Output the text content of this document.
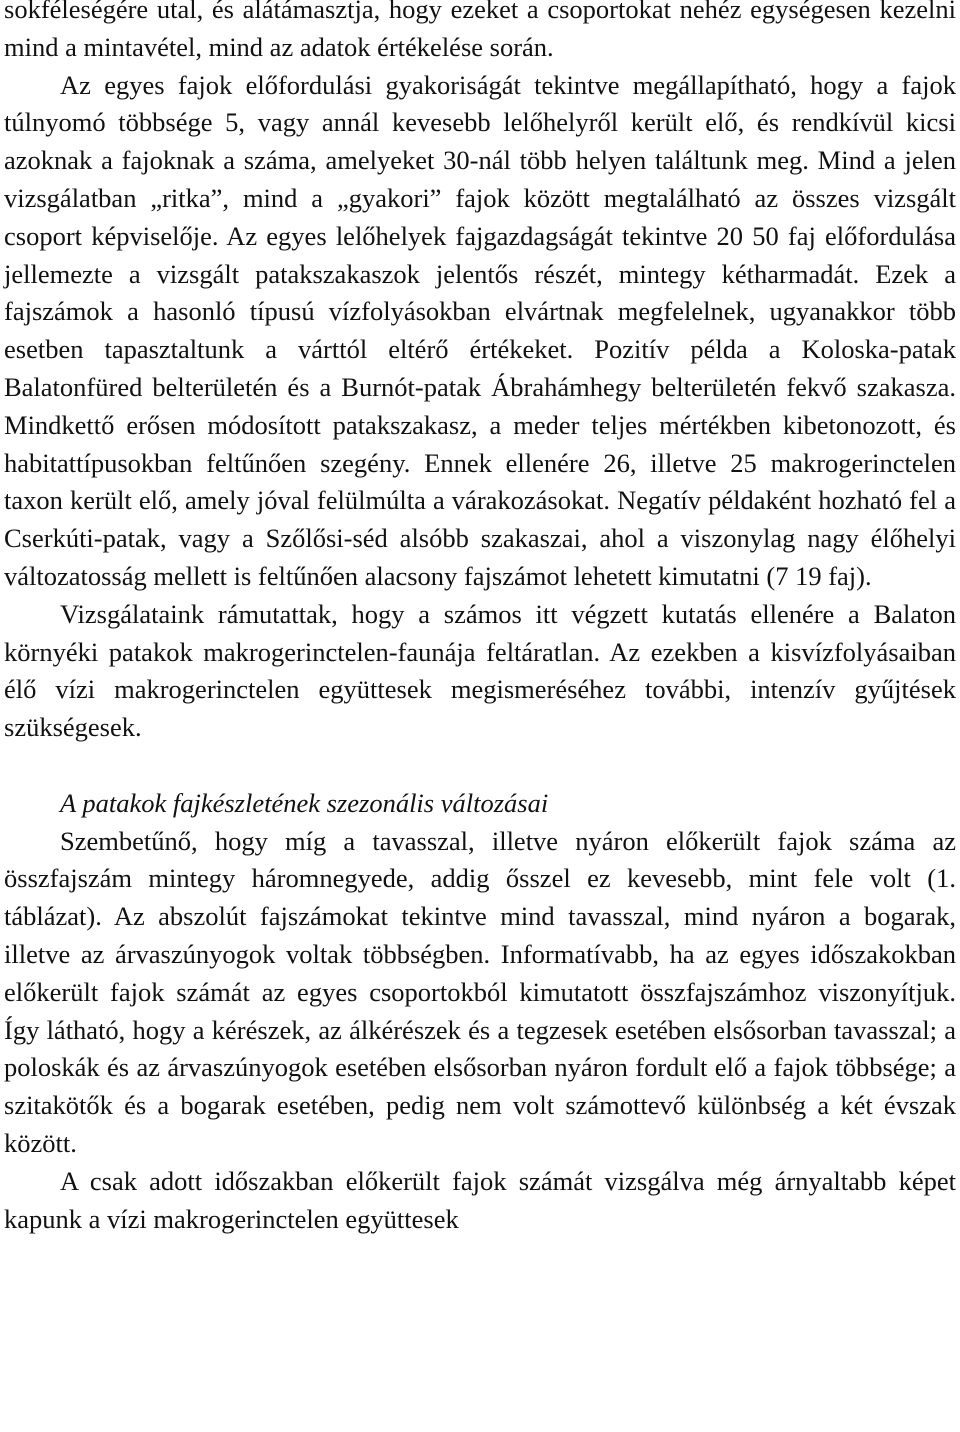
sokféleségére utal, és alátámasztja, hogy ezeket a csoportokat nehéz egységesen kezelni mind a mintavétel, mind az adatok értékelése során.

Az egyes fajok előfordulási gyakoriságát tekintve megállapítható, hogy a fajok túlnyomó többsége 5, vagy annál kevesebb lelőhelyről került elő, és rendkívül kicsi azoknak a fajoknak a száma, amelyeket 30-nál több helyen találtunk meg. Mind a jelen vizsgálatban „ritka”, mind a „gyakori” fajok között megtalálható az összes vizsgált csoport képviselője. Az egyes lelőhelyek fajgazdagságát tekintve 20 50 faj előfordulása jellemezte a vizsgált patakszakaszok jelentős részét, mintegy kétharmadát. Ezek a fajszámok a hasonló típusú vízfolyásokban elvártnak megfelelnek, ugyanakkor több esetben tapasztaltunk a várttól eltérő értékeket. Pozitív példa a Koloska-patak Balatonfüred belterületén és a Burnót-patak Ábrahámhegy belterületén fekvő szakasza. Mindkettő erősen módosított patakszakasz, a meder teljes mértékben kibetonozott, és habitattípusokban feltűnően szegény. Ennek ellenére 26, illetve 25 makrogerinctelen taxon került elő, amely jóval felülmúlta a várakozásokat. Negatív példaként hozható fel a Cserkúti-patak, vagy a Szőlősi-séd alsóbb szakaszai, ahol a viszonylag nagy élőhelyi változatosság mellett is feltűnően alacsony fajszámot lehetett kimutatni (7 19 faj).

Vizsgálataink rámutattak, hogy a számos itt végzett kutatás ellenére a Balaton környéki patakok makrogerinctelen-faunája feltáratlan. Az ezekben a kisvízfolyásaiban élő vízi makrogerinctelen együttesek megismeréséhez további, intenzív gyűjtések szükségesek.

A patakok fajkészletének szezonális változásai

Szembetűnő, hogy míg a tavasszal, illetve nyáron előkerült fajok száma az összfajszám mintegy háromnegyede, addig ősszel ez kevesebb, mint fele volt (1. táblázat). Az abszolút fajszámokat tekintve mind tavasszal, mind nyáron a bogarak, illetve az árvaszúnyogok voltak többségben. Informatívabb, ha az egyes időszakokban előkerült fajok számát az egyes csoportokból kimutatott összfajszámhoz viszonyítjuk. Így látható, hogy a kérészek, az álkérészek és a tegzesek esetében elsősorban tavasszal; a poloskák és az árvaszúnyogok esetében elsősorban nyáron fordult elő a fajok többsége; a szitakötők és a bogarak esetében, pedig nem volt számottevő különbség a két évszak között.

A csak adott időszakban előkerült fajok számát vizsgálva még árnyaltabb képet kapunk a vízi makrogerinctelen együttesek
